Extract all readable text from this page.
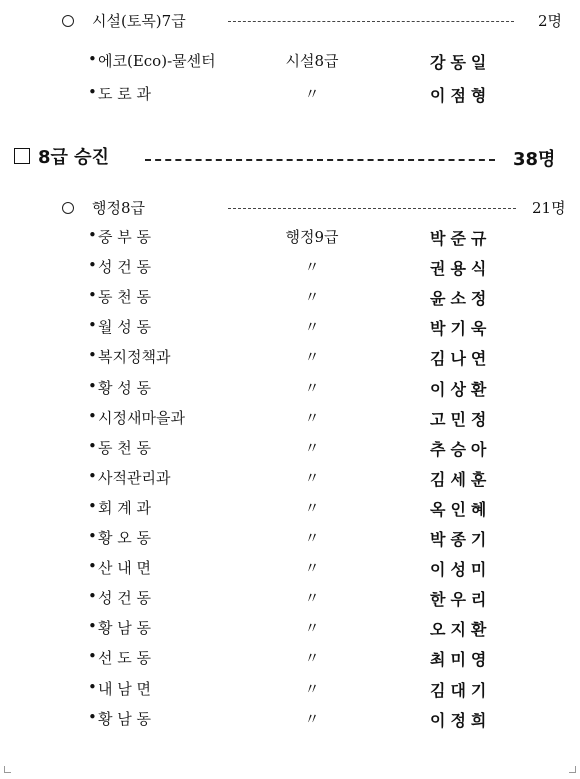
시설(토목)7급	2명
• 에코(Eco)-물센터	시설8급	강동일
• 도 로 과	〃	이점형
8급 승진	38명
행정8급	21명
• 중 부 동	행정9급	박준규
• 성 건 동	〃	권용식
• 동 천 동	〃	윤소정
• 월 성 동	〃	박기욱
• 복지정책과	〃	김나연
• 황 성 동	〃	이상환
• 시정새마을과	〃	고민정
• 동 천 동	〃	추승아
• 사적관리과	〃	김세훈
• 회 계 과	〃	옥인혜
• 황 오 동	〃	박종기
• 산 내 면	〃	이성미
• 성 건 동	〃	한우리
• 황 남 동	〃	오지환
• 선 도 동	〃	최미영
• 내 남 면	〃	김대기
• 황 남 동	〃	이정희
